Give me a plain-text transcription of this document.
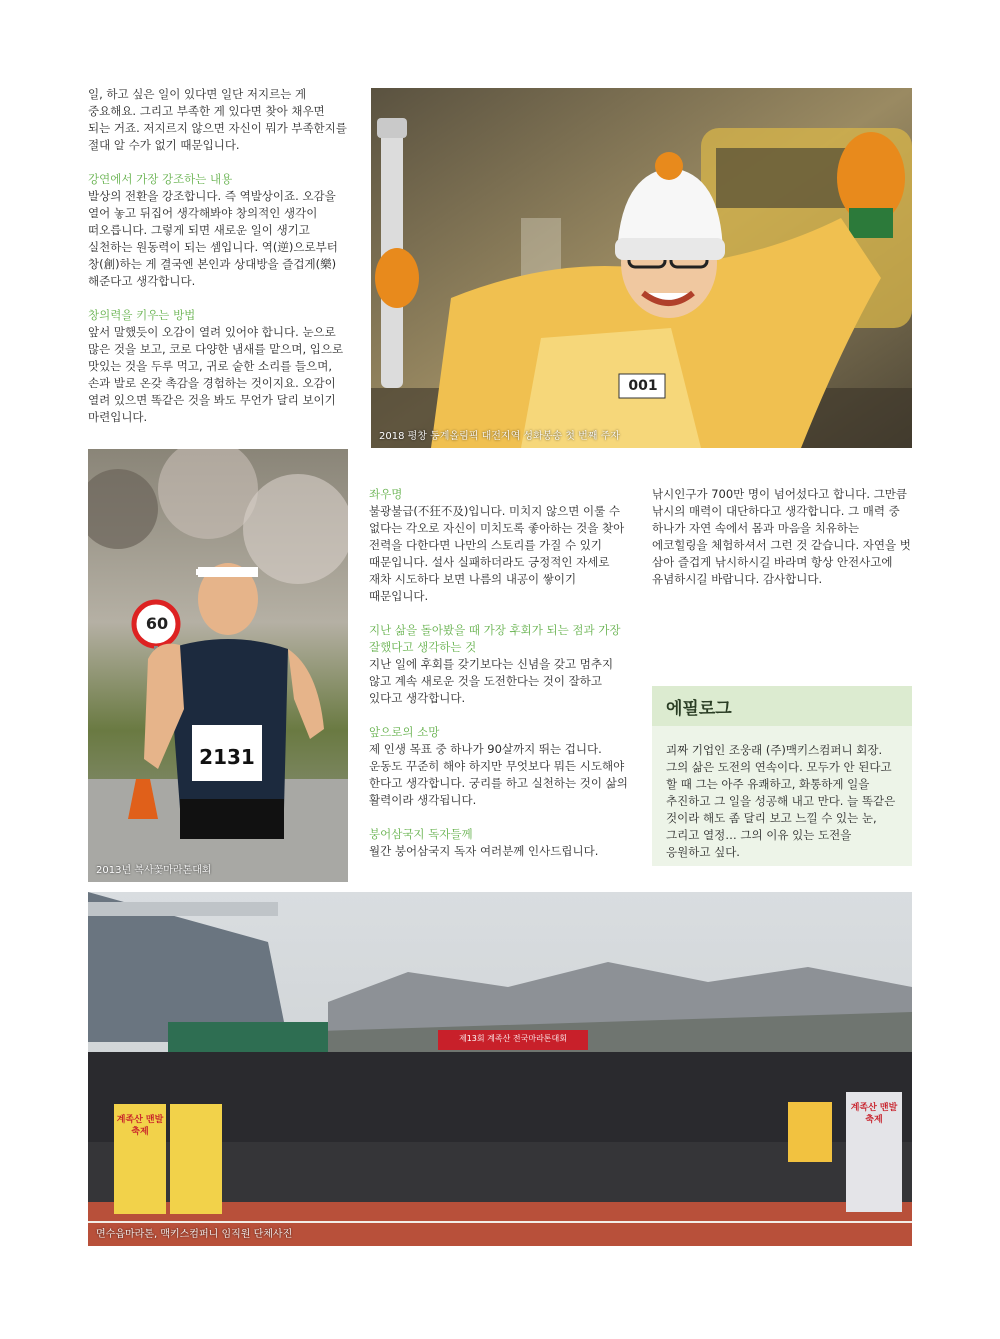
일, 하고 싶은 일이 있다면 일단 저지르는 게

중요해요. 그리고 부족한 게 있다면 찾아 채우면

되는 거죠. 저지르지 않으면 자신이 뭐가 부족한지를

절대 알 수가 없기 때문입니다.

강연에서 가장 강조하는 내용

발상의 전환을 강조합니다. 즉 역발상이죠. 오감을

열어 놓고 뒤집어 생각해봐야 창의적인 생각이

떠오릅니다. 그렇게 되면 새로운 일이 생기고

실천하는 원동력이 되는 셈입니다. 역(逆)으로부터

창(創)하는 게 결국엔 본인과 상대방을 즐겁게(樂)

해준다고 생각합니다.

창의력을 키우는 방법

앞서 말했듯이 오감이 열려 있어야 합니다. 눈으로

많은 것을 보고, 코로 다양한 냄새를 맡으며, 입으로

맛있는 것을 두루 먹고, 귀로 숱한 소리를 들으며,

손과 발로 온갖 촉감을 경험하는 것이지요. 오감이

열려 있으면 똑같은 것을 봐도 무언가 달리 보이기

마련입니다.

001
2018 평창 동계올림픽 대전지역 성화봉송 첫 번째 주자
60
2131
2013년 복사꽃마라톤대회

좌우명

불광불급(不狂不及)입니다. 미치지 않으면 이룰 수

없다는 각오로 자신이 미치도록 좋아하는 것을 찾아

전력을 다한다면 나만의 스토리를 가질 수 있기

때문입니다. 설사 실패하더라도 긍정적인 자세로

재차 시도하다 보면 나름의 내공이 쌓이기

때문입니다.

지난 삶을 돌아봤을 때 가장 후회가 되는 점과 가장

잘했다고 생각하는 것

지난 일에 후회를 갖기보다는 신념을 갖고 멈추지

않고 계속 새로운 것을 도전한다는 것이 잘하고

있다고 생각합니다.

앞으로의 소망

제 인생 목표 중 하나가 90살까지 뛰는 겁니다.

운동도 꾸준히 해야 하지만 무엇보다 뭐든 시도해야

한다고 생각합니다. 궁리를 하고 실천하는 것이 삶의

활력이라 생각됩니다.

붕어삼국지 독자들께

월간 붕어삼국지 독자 여러분께 인사드립니다.

낚시인구가 700만 명이 넘어섰다고 합니다. 그만큼

낚시의 매력이 대단하다고 생각합니다. 그 매력 중

하나가 자연 속에서 몸과 마음을 치유하는

에코힐링을 체험하셔서 그런 것 같습니다. 자연을 벗

삼아 즐겁게 낚시하시길 바라며 항상 안전사고에

유념하시길 바랍니다. 감사합니다.

에필로그

괴짜 기업인 조웅래 (주)맥키스컴퍼니 회장.

그의 삶은 도전의 연속이다. 모두가 안 된다고

할 때 그는 아주 유쾌하고, 화통하게 일을

추진하고 그 일을 성공해 내고 만다. 늘 똑같은

것이라 해도 좀 달리 보고 느낄 수 있는 눈,

그리고 열정… 그의 이유 있는 도전을

응원하고 싶다.

제13회 계족산 전국마라톤대회
계족산 맨발축제
계족산 맨발축제
면수읍마라톤, 맥키스컴퍼니 임직원 단체사진
